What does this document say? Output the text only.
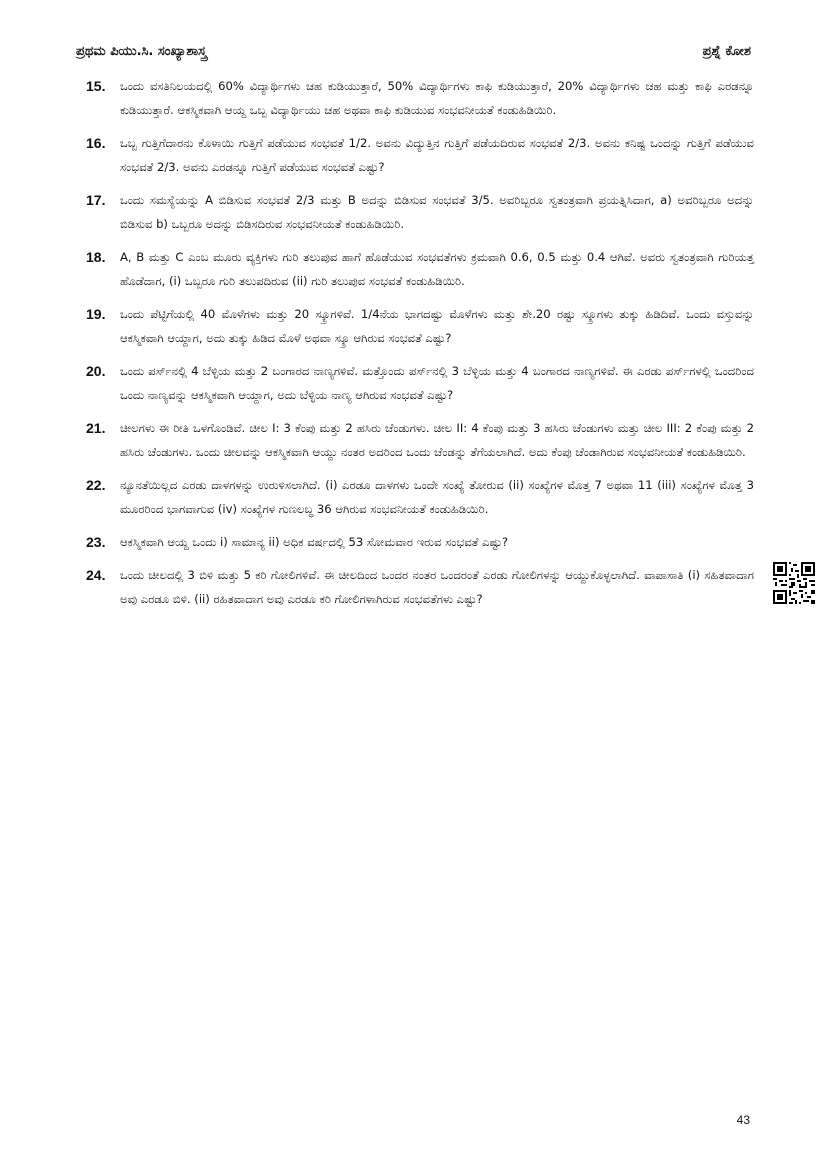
ಪ್ರಥಮ ಪಿಯು.ಸಿ. ಸಂಖ್ಯಾಶಾಸ್ತ್ರ	ಪ್ರಶ್ನೆ ಕೋಶ
15 .	ಒಂದು ವಸತಿನಿಲಯದಲ್ಲಿ 60% ವಿದ್ಯಾರ್ಥಿಗಳು ಚಹ ಕುಡಿಯುತ್ತಾರೆ, 50% ವಿದ್ಯಾರ್ಥಿಗಳು ಕಾಫಿ ಕುಡಿಯುತ್ತಾರೆ, 20% ವಿದ್ಯಾರ್ಥಿಗಳು ಚಹ ಮತ್ತು ಕಾಫಿ ಎರಡನ್ನೂ ಕುಡಿಯುತ್ತಾರೆ. ಆಕಸ್ಮಿಕವಾಗಿ ಆಯ್ದ ಒಬ್ಬ ವಿದ್ಯಾರ್ಥಿಯು ಚಹ ಅಥವಾ ಕಾಫಿ ಕುಡಿಯುವ ಸಂಭವನೀಯತೆ ಕಂಡುಹಿಡಿಯಿರಿ.
16 .	ಒಬ್ಬ ಗುತ್ತಿಗೆದಾರನು ಕೊಳಾಯಿ ಗುತ್ತಿಗೆ ಪಡೆಯುವ ಸಂಭವತೆ 1/2. ಅವನು ವಿದ್ಯುತ್ತಿನ ಗುತ್ತಿಗೆ ಪಡೆಯದಿರುವ ಸಂಭವತೆ 2/3. ಅವನು ಕನಿಷ್ಟ ಒಂದನ್ನು ಗುತ್ತಿಗೆ ಪಡೆಯುವ ಸಂಭವತೆ 2/3. ಅವನು ಎರಡನ್ನೂ ಗುತ್ತಿಗೆ ಪಡೆಯುವ ಸಂಭವತೆ ಎಷ್ಟು?
17 .	ಒಂದು ಸಮಸ್ಯೆಯನ್ನು A ಬಿಡಿಸುವ ಸಂಭವತೆ 2/3 ಮತ್ತು B ಅದನ್ನು ಬಿಡಿಸುವ ಸಂಭವತೆ 3/5. ಅವರಿಬ್ಬರೂ ಸ್ವತಂತ್ರವಾಗಿ ಪ್ರಯತ್ನಿಸಿದಾಗ, a) ಅವರಿಬ್ಬರೂ ಅದನ್ನು ಬಿಡಿಸುವ b) ಒಬ್ಬರೂ ಅದನ್ನು ಬಿಡಿಸದಿರುವ ಸಂಭವನೀಯತೆ ಕಂಡುಹಿಡಿಯಿರಿ.
18 .	A, B ಮತ್ತು C ಎಂಬ ಮೂರು ವ್ಯಕ್ತಿಗಳು ಗುರಿ ತಲುಪುವ ಹಾಗೆ ಹೊಡೆಯುವ ಸಂಭವತೆಗಳು ಕ್ರಮವಾಗಿ 0.6, 0.5 ಮತ್ತು 0.4 ಆಗಿವೆ. ಅವರು ಸ್ವತಂತ್ರವಾಗಿ ಗುರಿಯತ್ತ ಹೊಡೆದಾಗ, (i) ಒಬ್ಬರೂ ಗುರಿ ತಲುಪದಿರುವ (ii) ಗುರಿ ತಲುಪುವ ಸಂಭವತೆ ಕಂಡುಹಿಡಿಯಿರಿ.
19 .	ಒಂದು ಪೆಟ್ಟಿಗೆಯಲ್ಲಿ 40 ಮೊಳೆಗಳು ಮತ್ತು 20 ಸ್ಕ್ರೂಗಳಿವೆ. 1/4ನೆಯ ಭಾಗದಷ್ಟು ಮೊಳೆಗಳು ಮತ್ತು ಶೇ.20 ರಷ್ಟು ಸ್ಕ್ರೂಗಳು ತುಕ್ಕು ಹಿಡಿದಿವೆ. ಒಂದು ವಸ್ತುವನ್ನು ಆಕಸ್ಮಿಕವಾಗಿ ಆಯ್ದಾಗ, ಅದು ತುಕ್ಕು ಹಿಡಿದ ಮೊಳೆ ಅಥವಾ ಸ್ಕ್ರೂ ಆಗಿರುವ ಸಂಭವತೆ ಎಷ್ಟು?
20 .	ಒಂದು ಪರ್ಸ್‌ನಲ್ಲಿ 4 ಬೆಳ್ಳಿಯ ಮತ್ತು 2 ಬಂಗಾರದ ನಾಣ್ಯಗಳಿವೆ. ಮತ್ತೊಂದು ಪರ್ಸ್‌ನಲ್ಲಿ 3 ಬೆಳ್ಳಿಯ ಮತ್ತು 4 ಬಂಗಾರದ ನಾಣ್ಯಗಳಿವೆ. ಈ ಎರಡು ಪರ್ಸ್‌ಗಳಲ್ಲಿ ಒಂದರಿಂದ ಒಂದು ನಾಣ್ಯವನ್ನು ಆಕಸ್ಮಿಕವಾಗಿ ಆಯ್ದಾಗ, ಅದು ಬೆಳ್ಳಿಯ ನಾಣ್ಯ ಆಗಿರುವ ಸಂಭವತೆ ಎಷ್ಟು?
21 .	ಚೀಲಗಳು ಈ ರೀತಿ ಒಳಗೊಂಡಿವೆ. ಚೀಲ I: 3 ಕೆಂಪು ಮತ್ತು 2 ಹಸಿರು ಚೆಂಡುಗಳು. ಚೀಲ II: 4 ಕೆಂಪು ಮತ್ತು 3 ಹಸಿರು ಚೆಂಡುಗಳು ಮತ್ತು ಚೀಲ III: 2 ಕೆಂಪು ಮತ್ತು 2 ಹಸಿರು ಚೆಂಡುಗಳು. ಒಂದು ಚೀಲವನ್ನು ಆಕಸ್ಮಿಕವಾಗಿ ಆಯ್ದು ನಂತರ ಅದರಿಂದ ಒಂದು ಚೆಂಡನ್ನು ತೆಗೆಯಲಾಗಿದೆ. ಅದು ಕೆಂಪು ಚೆಂಡಾಗಿರುವ ಸಂಭವನೀಯತೆ ಕಂಡುಹಿಡಿಯಿರಿ.
22 .	ನ್ಯೂನತೆಯಿಲ್ಲದ ಎರಡು ದಾಳಗಳನ್ನು ಉರುಳಿಸಲಾಗಿದೆ. (i) ಎರಡೂ ದಾಳಗಳು ಒಂದೇ ಸಂಖ್ಯೆ ತೋರುವ (ii) ಸಂಖ್ಯೆಗಳ ಮೊತ್ತ 7 ಅಥವಾ 11 (iii) ಸಂಖ್ಯೆಗಳ ಮೊತ್ತ 3 ಮೂರರಿಂದ ಭಾಗವಾಗುವ (iv) ಸಂಖ್ಯೆಗಳ ಗುಣಲಬ್ಧ 36 ಆಗಿರುವ ಸಂಭವನೀಯತೆ ಕಂಡುಹಿಡಿಯಿರಿ.
23 .	ಆಕಸ್ಮಿಕವಾಗಿ ಆಯ್ದ ಒಂದು i) ಸಾಮಾನ್ಯ ii) ಅಧಿಕ ವರ್ಷದಲ್ಲಿ 53 ಸೋಮವಾರ ಇರುವ ಸಂಭವತೆ ಎಷ್ಟು?
24 .	ಒಂದು ಚೀಲದಲ್ಲಿ 3 ಬಿಳಿ ಮತ್ತು 5 ಕರಿ ಗೋಲಿಗಳಿವೆ. ಈ ಚೀಲದಿಂದ ಒಂದರ ನಂತರ ಒಂದರಂತೆ ಎರಡು ಗೋಲಿಗಳನ್ನು ಆಯ್ದುಕೊಳ್ಳಲಾಗಿದೆ. ವಾಪಾಸಾತಿ (i) ಸಹಿತವಾದಾಗ ಅವು ಎರಡೂ ಬಿಳಿ. (ii) ರಹಿತವಾದಾಗ ಅವು ಎರಡೂ ಕರಿ ಗೋಲಿಗಳಾಗಿರುವ ಸಂಭವತೆಗಳು ಎಷ್ಟು?
43
